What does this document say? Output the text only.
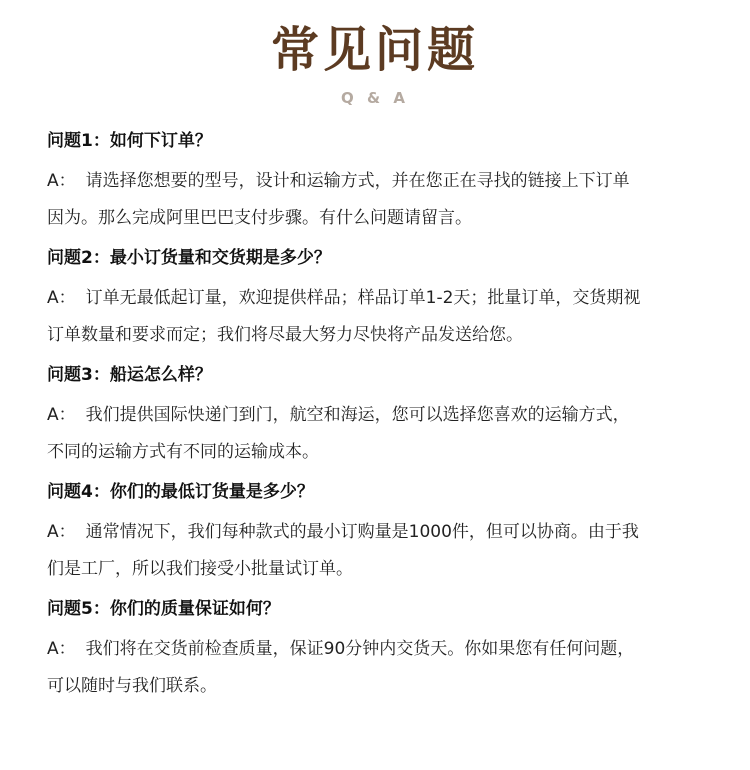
常见问题
Q & A

问题1：如何下订单？

A： 请选择您想要的型号，设计和运输方式，并在您正在寻找的链接上下订单
因为。那么完成阿里巴巴支付步骤。有什么问题请留言。

问题2：最小订货量和交货期是多少？

A： 订单无最低起订量，欢迎提供样品；样品订单1-2天；批量订单，交货期视
订单数量和要求而定；我们将尽最大努力尽快将产品发送给您。

问题3：船运怎么样？

A： 我们提供国际快递门到门，航空和海运，您可以选择您喜欢的运输方式，
不同的运输方式有不同的运输成本。

问题4：你们的最低订货量是多少？

A： 通常情况下，我们每种款式的最小订购量是1000件，但可以协商。由于我
们是工厂，所以我们接受小批量试订单。

问题5：你们的质量保证如何？

A： 我们将在交货前检查质量，保证90分钟内交货天。你如果您有任何问题，
可以随时与我们联系。
